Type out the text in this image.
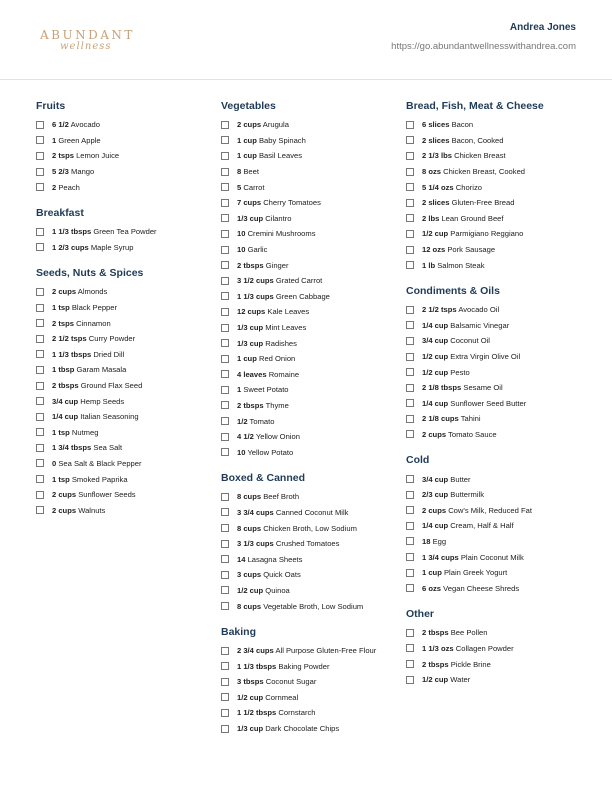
ABUNDANT
wellness
Andrea Jones
https://go.abundantwellnesswithandrea.com
Fruits
6 1/2 Avocado
1 Green Apple
2 tsps Lemon Juice
5 2/3 Mango
2 Peach
Breakfast
1 1/3 tbsps Green Tea Powder
1 2/3 cups Maple Syrup
Seeds, Nuts & Spices
2 cups Almonds
1 tsp Black Pepper
2 tsps Cinnamon
2 1/2 tsps Curry Powder
1 1/3 tbsps Dried Dill
1 tbsp Garam Masala
2 tbsps Ground Flax Seed
3/4 cup Hemp Seeds
1/4 cup Italian Seasoning
1 tsp Nutmeg
1 3/4 tbsps Sea Salt
0 Sea Salt & Black Pepper
1 tsp Smoked Paprika
2 cups Sunflower Seeds
2 cups Walnuts
Vegetables
2 cups Arugula
1 cup Baby Spinach
1 cup Basil Leaves
8 Beet
5 Carrot
7 cups Cherry Tomatoes
1/3 cup Cilantro
10 Cremini Mushrooms
10 Garlic
2 tbsps Ginger
3 1/2 cups Grated Carrot
1 1/3 cups Green Cabbage
12 cups Kale Leaves
1/3 cup Mint Leaves
1/3 cup Radishes
1 cup Red Onion
4 leaves Romaine
1 Sweet Potato
2 tbsps Thyme
1/2 Tomato
4 1/2 Yellow Onion
10 Yellow Potato
Boxed & Canned
8 cups Beef Broth
3 3/4 cups Canned Coconut Milk
8 cups Chicken Broth, Low Sodium
3 1/3 cups Crushed Tomatoes
14 Lasagna Sheets
3 cups Quick Oats
1/2 cup Quinoa
8 cups Vegetable Broth, Low Sodium
Baking
2 3/4 cups All Purpose Gluten-Free Flour
1 1/3 tbsps Baking Powder
3 tbsps Coconut Sugar
1/2 cup Cornmeal
1 1/2 tbsps Cornstarch
1/3 cup Dark Chocolate Chips
Bread, Fish, Meat & Cheese
6 slices Bacon
2 slices Bacon, Cooked
2 1/3 lbs Chicken Breast
8 ozs Chicken Breast, Cooked
5 1/4 ozs Chorizo
2 slices Gluten-Free Bread
2 lbs Lean Ground Beef
1/2 cup Parmigiano Reggiano
12 ozs Pork Sausage
1 lb Salmon Steak
Condiments & Oils
2 1/2 tsps Avocado Oil
1/4 cup Balsamic Vinegar
3/4 cup Coconut Oil
1/2 cup Extra Virgin Olive Oil
1/2 cup Pesto
2 1/8 tbsps Sesame Oil
1/4 cup Sunflower Seed Butter
2 1/8 cups Tahini
2 cups Tomato Sauce
Cold
3/4 cup Butter
2/3 cup Buttermilk
2 cups Cow's Milk, Reduced Fat
1/4 cup Cream, Half & Half
18 Egg
1 3/4 cups Plain Coconut Milk
1 cup Plain Greek Yogurt
6 ozs Vegan Cheese Shreds
Other
2 tbsps Bee Pollen
1 1/3 ozs Collagen Powder
2 tbsps Pickle Brine
1/2 cup Water
